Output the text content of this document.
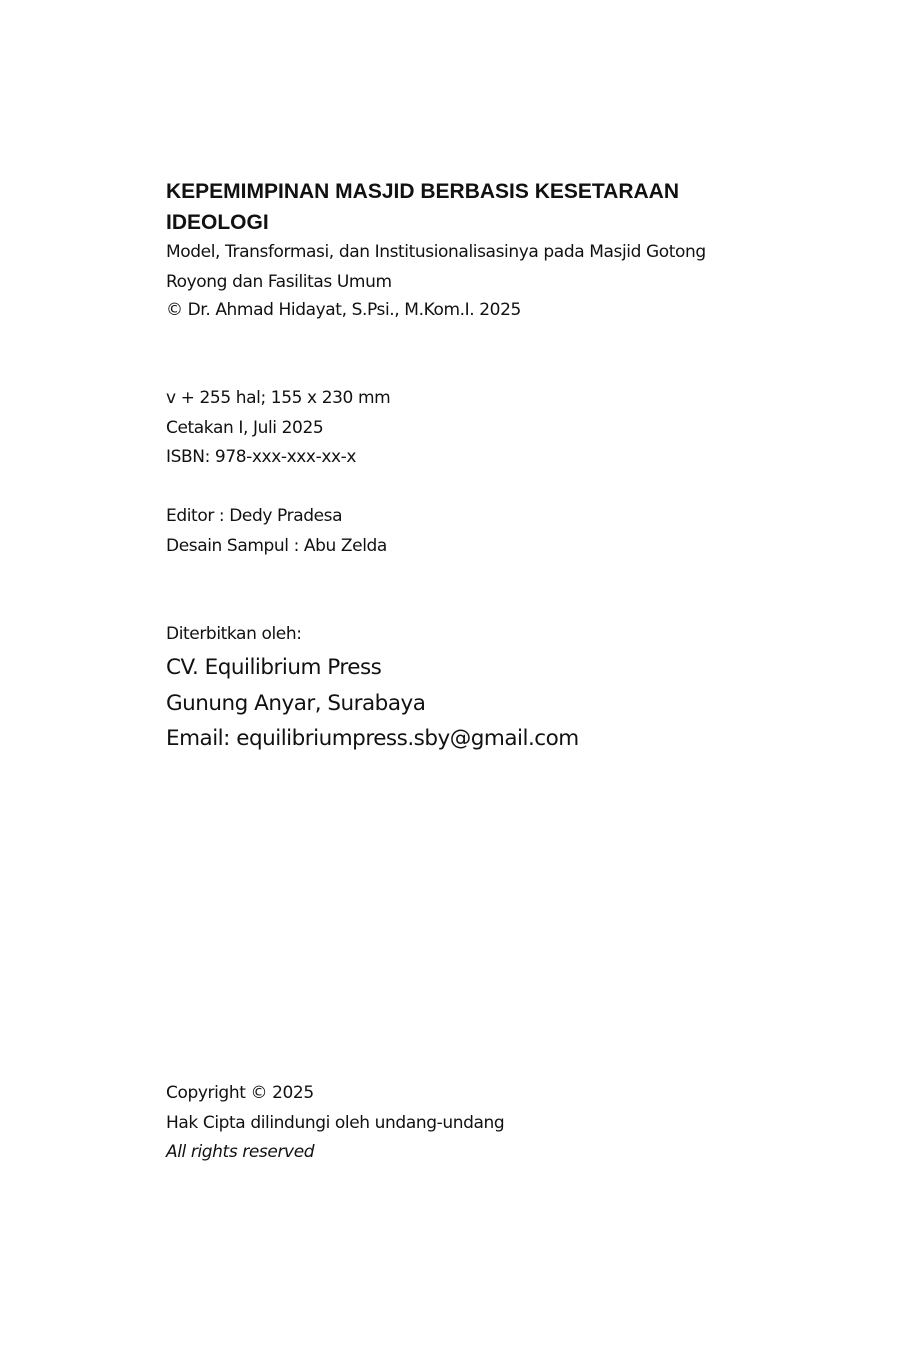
KEPEMIMPINAN MASJID BERBASIS KESETARAAN IDEOLOGI

Model, Transformasi, dan Institusionalisasinya pada Masjid Gotong Royong dan Fasilitas Umum

© Dr. Ahmad Hidayat, S.Psi., M.Kom.I. 2025

v + 255 hal; 155 x 230 mm
Cetakan I, Juli 2025
ISBN: 978-xxx-xxx-xx-x
Editor : Dedy Pradesa
Desain Sampul : Abu Zelda
Diterbitkan oleh:
CV. Equilibrium Press
Gunung Anyar, Surabaya
Email: equilibriumpress.sby@gmail.com
Copyright © 2025
Hak Cipta dilindungi oleh undang-undang
All rights reserved
